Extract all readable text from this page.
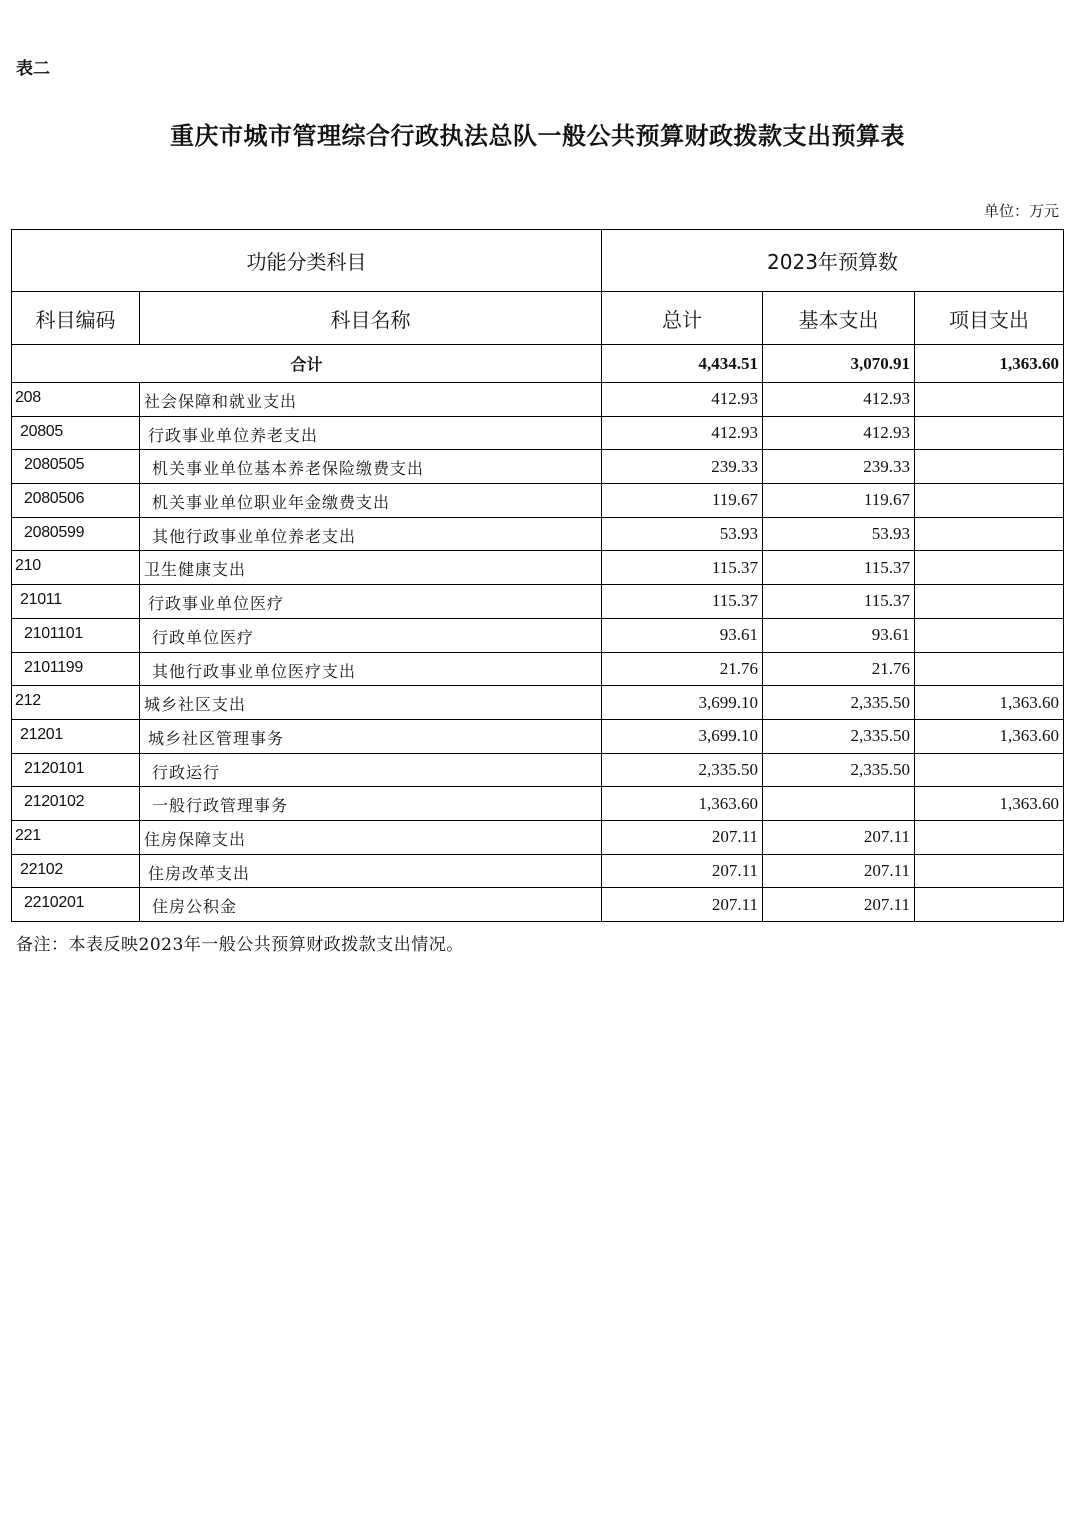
表二
重庆市城市管理综合行政执法总队一般公共预算财政拨款支出预算表
单位：万元
功能分类科目		2023年预算数		
科目编码	科目名称	总计	基本支出	项目支出
合计		4,434.51	3,070.91	1,363.60
208	社会保障和就业支出	412.93	412.93	
20805	行政事业单位养老支出	412.93	412.93	
2080505	机关事业单位基本养老保险缴费支出	239.33	239.33	
2080506	机关事业单位职业年金缴费支出	119.67	119.67	
2080599	其他行政事业单位养老支出	53.93	53.93	
210	卫生健康支出	115.37	115.37	
21011	行政事业单位医疗	115.37	115.37	
2101101	行政单位医疗	93.61	93.61	
2101199	其他行政事业单位医疗支出	21.76	21.76	
212	城乡社区支出	3,699.10	2,335.50	1,363.60
21201	城乡社区管理事务	3,699.10	2,335.50	1,363.60
2120101	行政运行	2,335.50	2,335.50	
2120102	一般行政管理事务	1,363.60		1,363.60
221	住房保障支出	207.11	207.11	
22102	住房改革支出	207.11	207.11	
2210201	住房公积金	207.11	207.11	
备注：本表反映2023年一般公共预算财政拨款支出情况。
